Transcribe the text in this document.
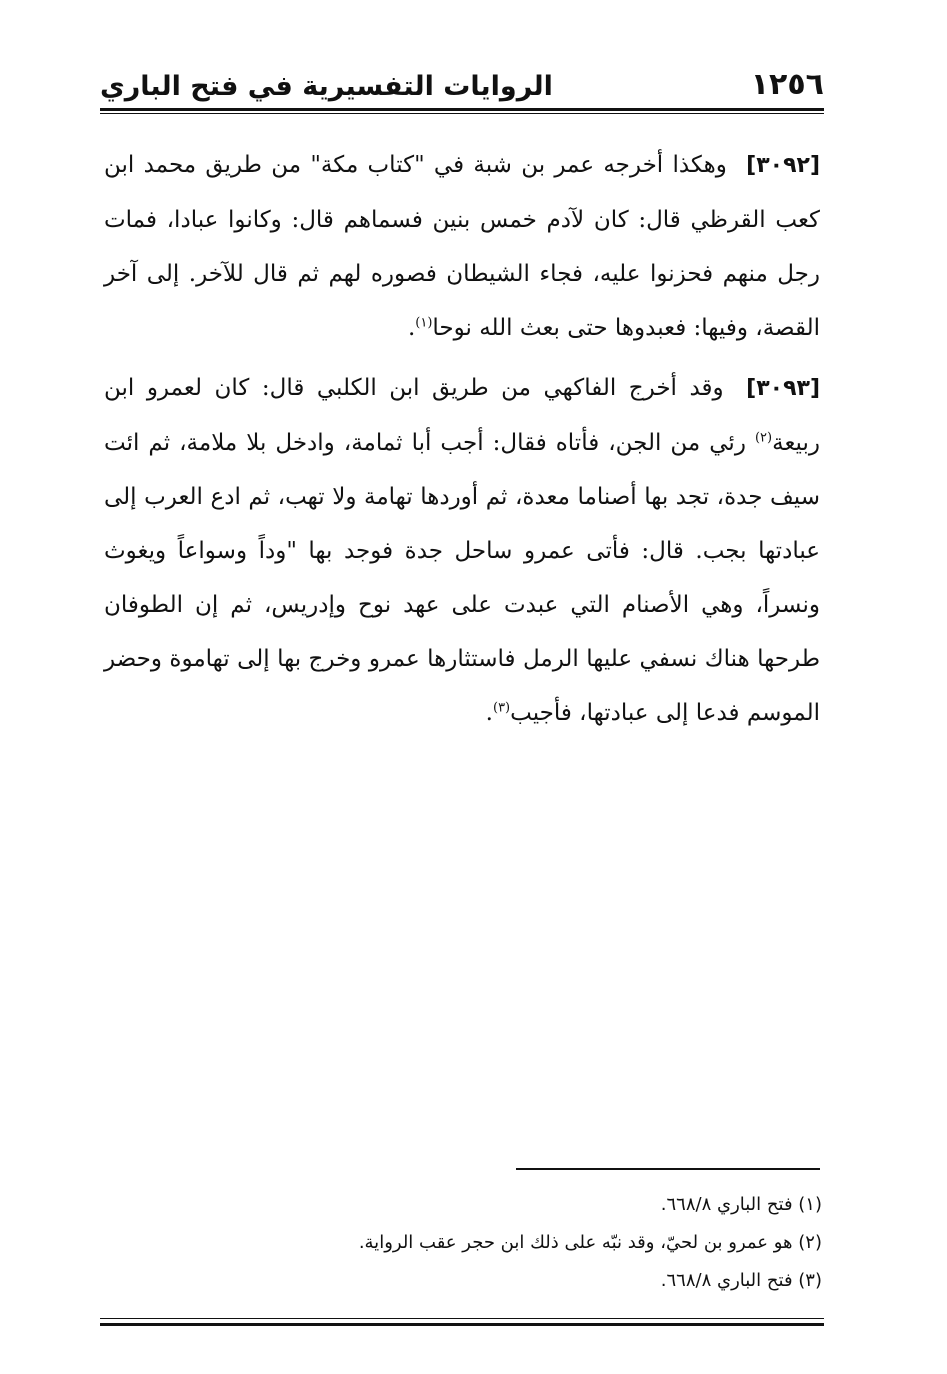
١٢٥٦
الروايات التفسيرية في فتح الباري

[٣٠٩٢] وهكذا أخرجه عمر بن شبة في "كتاب مكة" من طريق محمد ابن كعب القرظي قال: كان لآدم خمس بنين فسماهم قال: وكانوا عبادا، فمات رجل منهم فحزنوا عليه، فجاء الشيطان فصوره لهم ثم قال للآخر. إلى آخر القصة، وفيها: فعبدوها حتى بعث الله نوحا$^{(١)}$.

[٣٠٩٣] وقد أخرج الفاكهي من طريق ابن الكلبي قال: كان لعمرو ابن ربيعة$^{(٢)}$ رئي من الجن، فأتاه فقال: أجب أبا ثمامة، وادخل بلا ملامة، ثم ائت سيف جدة، تجد بها أصناما معدة، ثم أوردها تهامة ولا تهب، ثم ادع العرب إلى عبادتها بجب. قال: فأتى عمرو ساحل جدة فوجد بها "وداً وسواعاً ويغوث ونسراً، وهي الأصنام التي عبدت على عهد نوح وإدريس، ثم إن الطوفان طرحها هناك نسفي عليها الرمل فاستثارها عمرو وخرج بها إلى تهاموة وحضر الموسم فدعا إلى عبادتها، فأجيب$^{(٣)}$.

(١) فتح الباري ٦٦٨/٨.

(٢) هو عمرو بن لحيّ، وقد نبّه على ذلك ابن حجر عقب الرواية.

(٣) فتح الباري ٦٦٨/٨.
